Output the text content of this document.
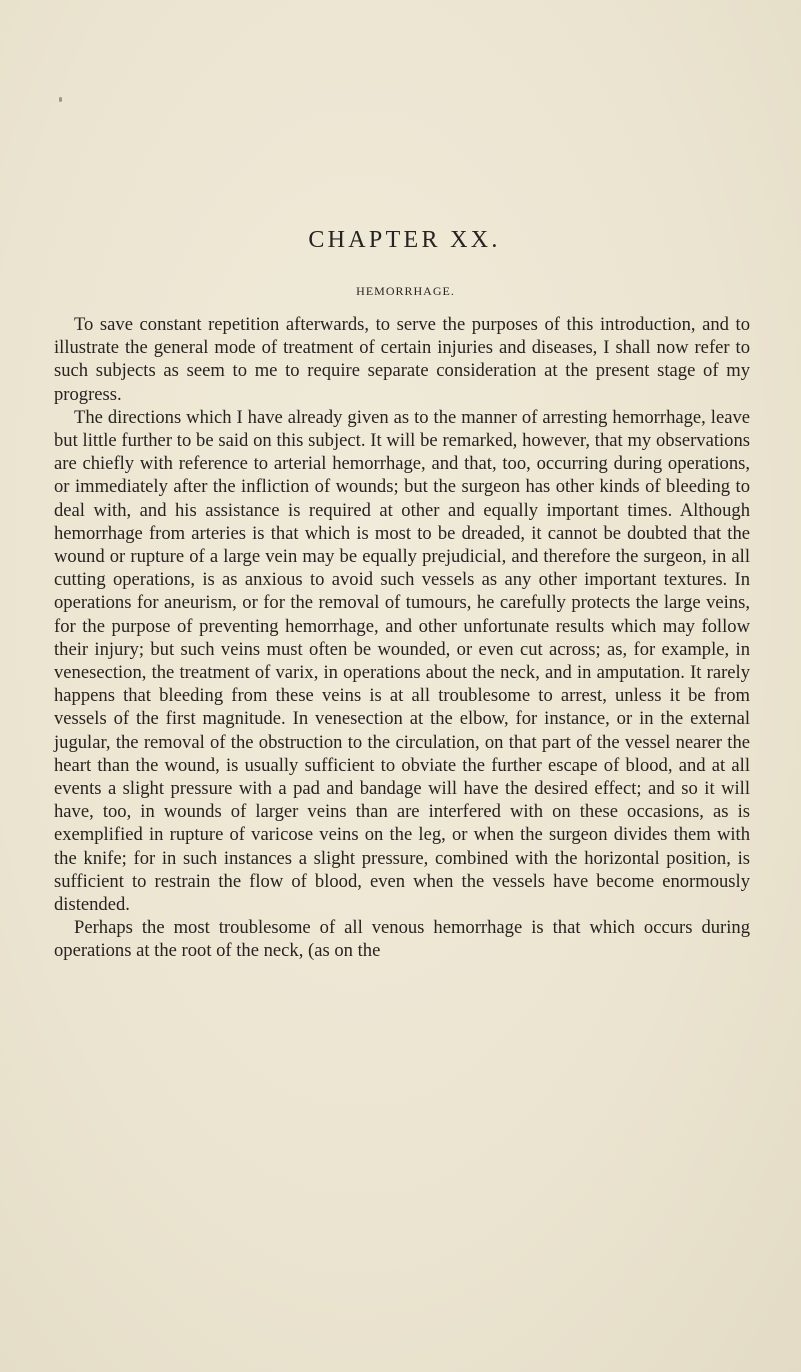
CHAPTER XX.
HEMORRHAGE.

To save constant repetition afterwards, to serve the purposes of this introduction, and to illustrate the general mode of treatment of certain injuries and diseases, I shall now refer to such subjects as seem to me to require separate consideration at the present stage of my progress.

The directions which I have already given as to the manner of arresting hemorrhage, leave but little further to be said on this subject. It will be remarked, however, that my observations are chiefly with reference to arterial hemorrhage, and that, too, occurring during operations, or immediately after the infliction of wounds; but the surgeon has other kinds of bleeding to deal with, and his assistance is required at other and equally important times. Although hemorrhage from arteries is that which is most to be dreaded, it cannot be doubted that the wound or rupture of a large vein may be equally prejudicial, and therefore the surgeon, in all cutting operations, is as anxious to avoid such vessels as any other important textures. In operations for aneurism, or for the removal of tumours, he carefully protects the large veins, for the purpose of preventing hemorrhage, and other unfortunate results which may follow their injury; but such veins must often be wounded, or even cut across; as, for example, in venesection, the treatment of varix, in operations about the neck, and in amputation. It rarely happens that bleeding from these veins is at all troublesome to arrest, unless it be from vessels of the first magnitude. In venesection at the elbow, for instance, or in the external jugular, the removal of the obstruction to the circulation, on that part of the vessel nearer the heart than the wound, is usually sufficient to obviate the further escape of blood, and at all events a slight pressure with a pad and bandage will have the desired effect; and so it will have, too, in wounds of larger veins than are interfered with on these occasions, as is exemplified in rupture of varicose veins on the leg, or when the surgeon divides them with the knife; for in such instances a slight pressure, combined with the horizontal position, is sufficient to restrain the flow of blood, even when the vessels have become enormously distended.

Perhaps the most troublesome of all venous hemorrhage is that which occurs during operations at the root of the neck, (as on the
